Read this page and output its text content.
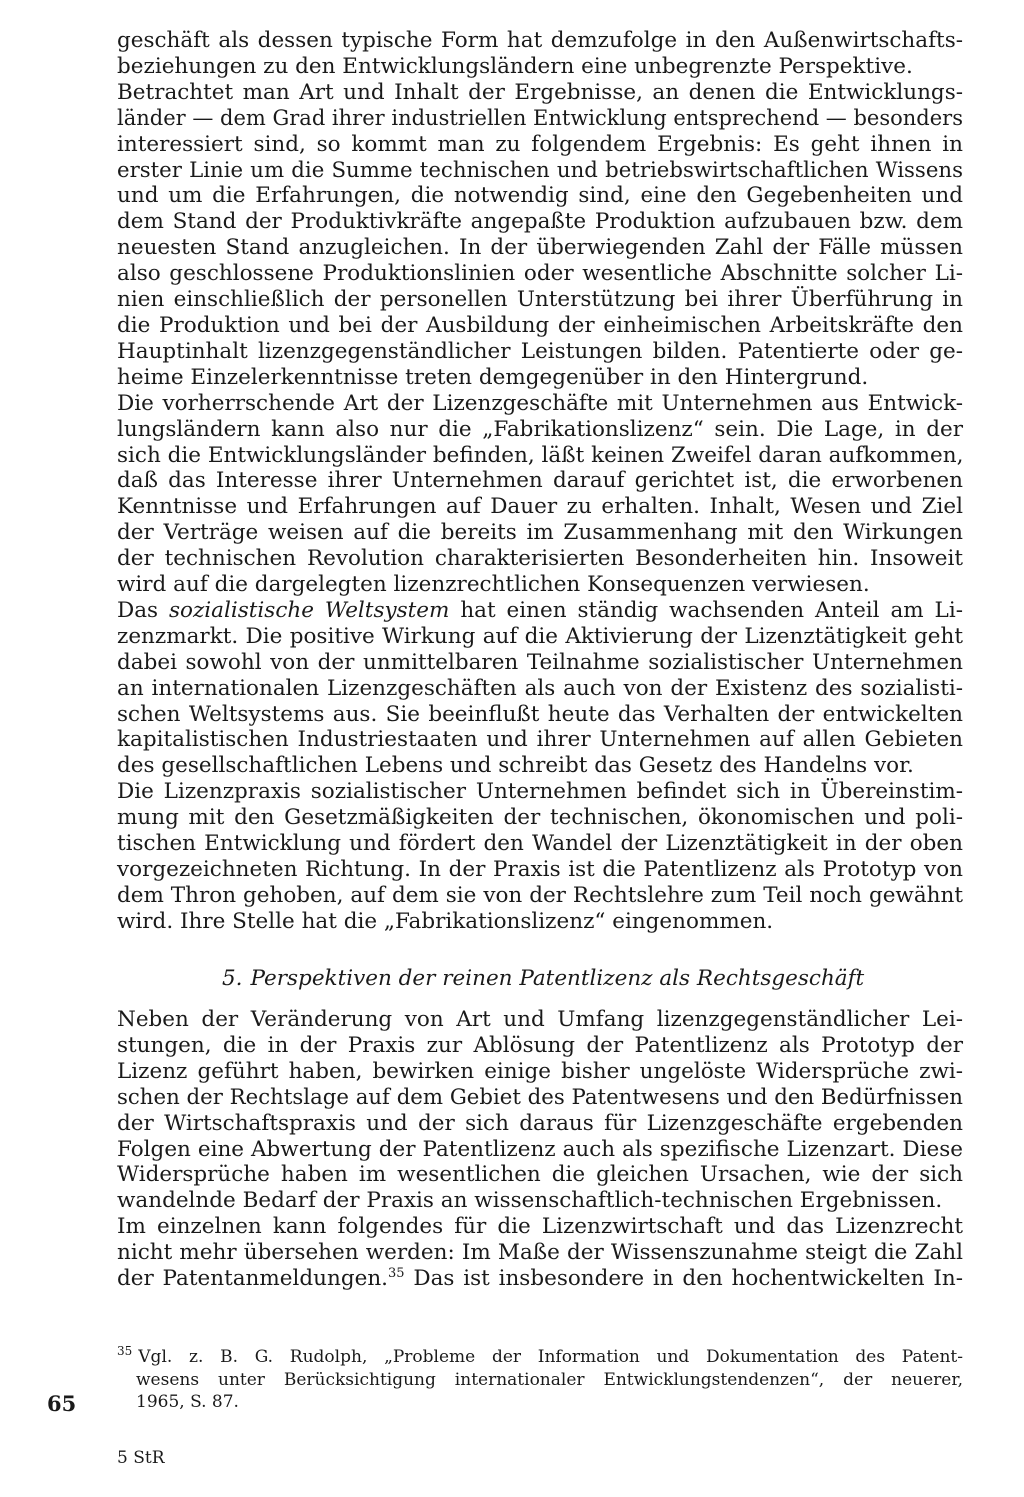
geschäft als dessen typische Form hat demzufolge in den Außenwirtschafts-
beziehungen zu den Entwicklungsländern eine unbegrenzte Perspektive.
Betrachtet man Art und Inhalt der Ergebnisse, an denen die Entwicklungs-
länder — dem Grad ihrer industriellen Entwicklung entsprechend — besonders
interessiert sind, so kommt man zu folgendem Ergebnis: Es geht ihnen in
erster Linie um die Summe technischen und betriebswirtschaftlichen Wissens
und um die Erfahrungen, die notwendig sind, eine den Gegebenheiten und
dem Stand der Produktivkräfte angepaßte Produktion aufzubauen bzw. dem
neuesten Stand anzugleichen. In der überwiegenden Zahl der Fälle müssen
also geschlossene Produktionslinien oder wesentliche Abschnitte solcher Li-
nien einschließlich der personellen Unterstützung bei ihrer Überführung in
die Produktion und bei der Ausbildung der einheimischen Arbeitskräfte den
Hauptinhalt lizenzgegenständlicher Leistungen bilden. Patentierte oder ge-
heime Einzelerkenntnisse treten demgegenüber in den Hintergrund.
Die vorherrschende Art der Lizenzgeschäfte mit Unternehmen aus Entwick-
lungsländern kann also nur die „Fabrikationslizenz“ sein. Die Lage, in der
sich die Entwicklungsländer befinden, läßt keinen Zweifel daran aufkommen,
daß das Interesse ihrer Unternehmen darauf gerichtet ist, die erworbenen
Kenntnisse und Erfahrungen auf Dauer zu erhalten. Inhalt, Wesen und Ziel
der Verträge weisen auf die bereits im Zusammenhang mit den Wirkungen
der technischen Revolution charakterisierten Besonderheiten hin. Insoweit
wird auf die dargelegten lizenzrechtlichen Konsequenzen verwiesen.
Das sozialistische Weltsystem hat einen ständig wachsenden Anteil am Li-
zenzmarkt. Die positive Wirkung auf die Aktivierung der Lizenztätigkeit geht
dabei sowohl von der unmittelbaren Teilnahme sozialistischer Unternehmen
an internationalen Lizenzgeschäften als auch von der Existenz des sozialisti-
schen Weltsystems aus. Sie beeinflußt heute das Verhalten der entwickelten
kapitalistischen Industriestaaten und ihrer Unternehmen auf allen Gebieten
des gesellschaftlichen Lebens und schreibt das Gesetz des Handelns vor.
Die Lizenzpraxis sozialistischer Unternehmen befindet sich in Übereinstim-
mung mit den Gesetzmäßigkeiten der technischen, ökonomischen und poli-
tischen Entwicklung und fördert den Wandel der Lizenztätigkeit in der oben
vorgezeichneten Richtung. In der Praxis ist die Patentlizenz als Prototyp von
dem Thron gehoben, auf dem sie von der Rechtslehre zum Teil noch gewähnt
wird. Ihre Stelle hat die „Fabrikationslizenz“ eingenommen.
5. Perspektiven der reinen Patentlizenz als Rechtsgeschäft
Neben der Veränderung von Art und Umfang lizenzgegenständlicher Lei-
stungen, die in der Praxis zur Ablösung der Patentlizenz als Prototyp der
Lizenz geführt haben, bewirken einige bisher ungelöste Widersprüche zwi-
schen der Rechtslage auf dem Gebiet des Patentwesens und den Bedürfnissen
der Wirtschaftspraxis und der sich daraus für Lizenzgeschäfte ergebenden
Folgen eine Abwertung der Patentlizenz auch als spezifische Lizenzart. Diese
Widersprüche haben im wesentlichen die gleichen Ursachen, wie der sich
wandelnde Bedarf der Praxis an wissenschaftlich-technischen Ergebnissen.
Im einzelnen kann folgendes für die Lizenzwirtschaft und das Lizenzrecht
nicht mehr übersehen werden: Im Maße der Wissenszunahme steigt die Zahl
der Patentanmeldungen.$^{35}$ Das ist insbesondere in den hochentwickelten In-
$^{35}$ Vgl. z. B. G. Rudolph, „Probleme der Information und Dokumentation des Patent-
wesens unter Berücksichtigung internationaler Entwicklungstendenzen“, der neuerer,
1965, S. 87.
65
5 StR
